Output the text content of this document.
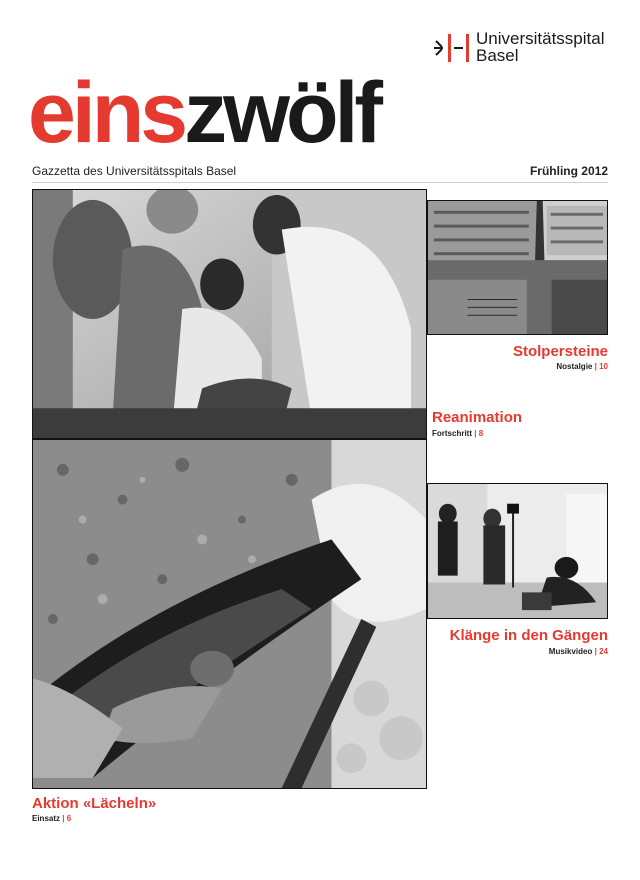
Universitätsspital
Basel
einszwölf
Gazzetta des Universitätsspitals Basel	Frühling 2012
Stolpersteine
Nostalgie | 10
Reanimation
Fortschritt | 8
Klänge in den Gängen
Musikvideo | 24
Aktion «Lächeln»
Einsatz | 6
